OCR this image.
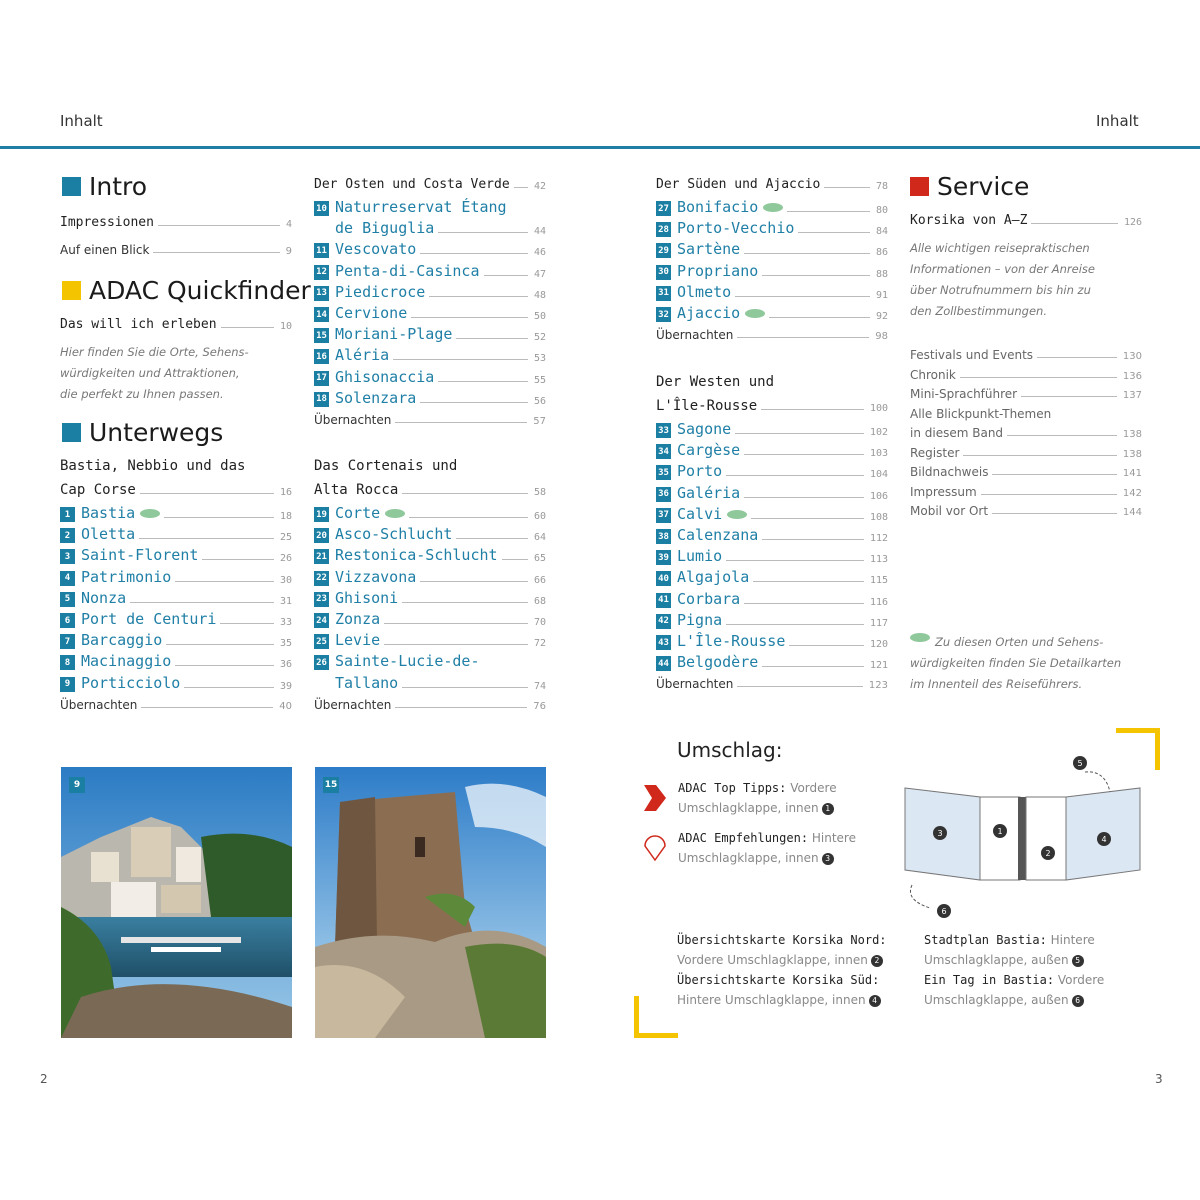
Inhalt	Inhalt
Intro
Impressionen	4
Auf einen Blick	9
ADAC Quickfinder
Das will ich erleben	10
Hier finden Sie die Orte, Sehens-
würdigkeiten und Attraktionen,
die perfekt zu Ihnen passen.
Unterwegs
Bastia, Nebbio und das
Cap Corse	16
1 Bastia	18
2 Oletta	25
3 Saint-Florent	26
4 Patrimonio	30
5 Nonza	31
6 Port de Centuri	33
7 Barcaggio	35
8 Macinaggio	36
9 Porticciolo	39
Übernachten	40
Der Osten und Costa Verde 42
10 Naturreservat Étang
de Biguglia	44
11 Vescovato	46
12 Penta-di-Casinca	47
13 Piedicroce	48
14 Cervione	50
15 Moriani-Plage	52
16 Aléria	53
17 Ghisonaccia	55
18 Solenzara	56
Übernachten	57
Das Cortenais und
Alta Rocca	58
19 Corte	60
20 Asco-Schlucht	64
21 Restonica-Schlucht	65
22 Vizzavona	66
23 Ghisoni	68
24 Zonza	70
25 Levie	72
26 Sainte-Lucie-de-
Tallano	74
Übernachten	76
Der Süden und Ajaccio	78
27 Bonifacio	80
28 Porto-Vecchio	84
29 Sartène	86
30 Propriano	88
31 Olmeto	91
32 Ajaccio	92
Übernachten	98
Der Westen und
L'Île-Rousse	100
33 Sagone	102
34 Cargèse	103
35 Porto	104
36 Galéria	106
37 Calvi	108
38 Calenzana	112
39 Lumio	113
40 Algajola	115
41 Corbara	116
42 Pigna	117
43 L'Île-Rousse	120
44 Belgodère	121
Übernachten	123
Service
Korsika von A–Z	126
Alle wichtigen reisepraktischen
Informationen – von der Anreise
über Notrufnummern bis hin zu
den Zollbestimmungen.
Festivals und Events	130
Chronik	136
Mini-Sprachführer	137
Alle Blickpunkt-Themen
in diesem Band	138
Register	138
Bildnachweis	141
Impressum	142
Mobil vor Ort	144
Zu diesen Orten und Sehens-
würdigkeiten finden Sie Detailkarten
im Innenteil des Reiseführers.
9	15
Umschlag:
ADAC Top Tipps: Vordere
Umschlagklappe, innen 1
ADAC Empfehlungen: Hintere
Umschlagklappe, innen 3
5
3	1
2
4
6
Übersichtskarte Korsika Nord:
Vordere Umschlagklappe, innen 2
Übersichtskarte Korsika Süd:
Hintere Umschlagklappe, innen 4
Stadtplan Bastia: Hintere
Umschlagklappe, außen 5
Ein Tag in Bastia: Vordere
Umschlagklappe, außen 6
2	3
